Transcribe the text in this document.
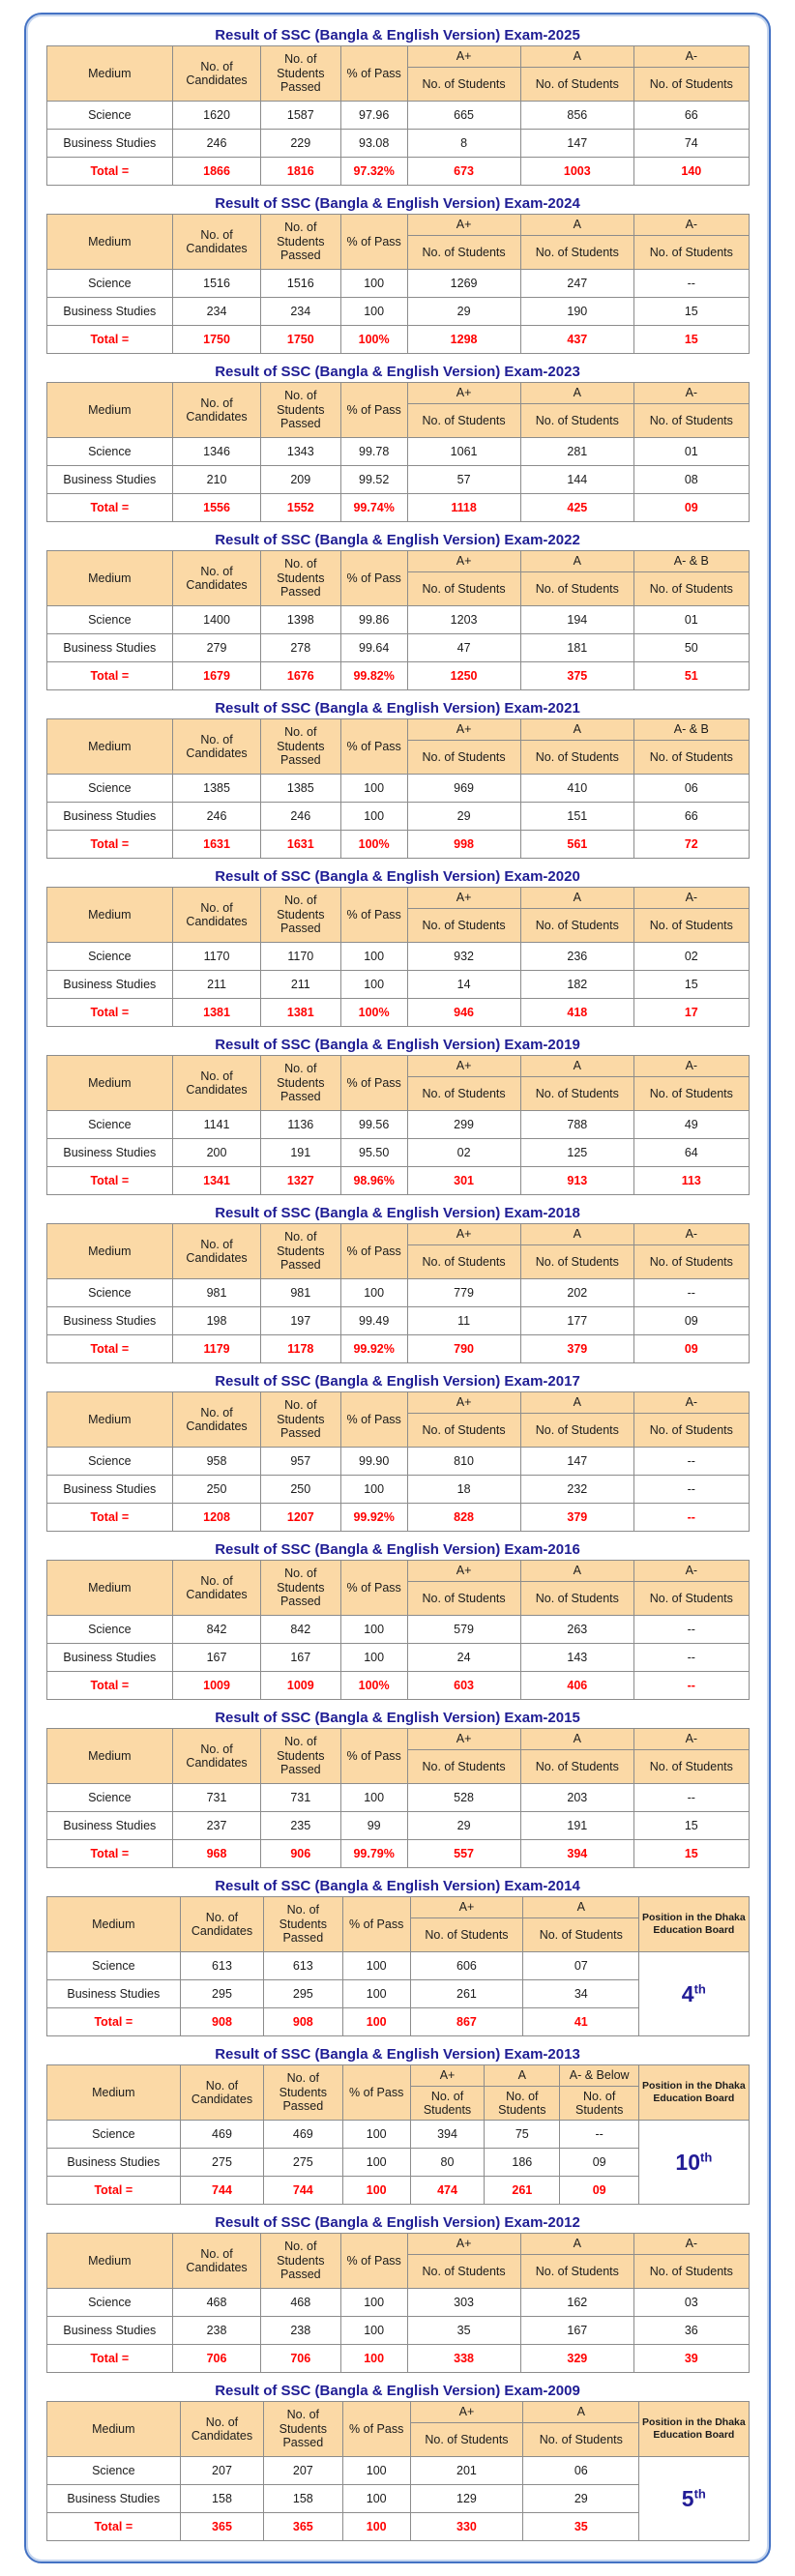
Result of SSC (Bangla & English Version) Exam-2025
Medium	No. of Candidates	No. of Students Passed	% of Pass	A+	A	A-
				No. of Students	No. of Students	No. of Students
Science	1620	1587	97.96	665	856	66
Business Studies	246	229	93.08	8	147	74
Total =	1866	1816	97.32%	673	1003	140
Result of SSC (Bangla & English Version) Exam-2024
Medium	No. of Candidates	No. of Students Passed	% of Pass	A+	A	A-
				No. of Students	No. of Students	No. of Students
Science	1516	1516	100	1269	247	--
Business Studies	234	234	100	29	190	15
Total =	1750	1750	100%	1298	437	15
Result of SSC (Bangla & English Version) Exam-2023
Medium	No. of Candidates	No. of Students Passed	% of Pass	A+	A	A-
				No. of Students	No. of Students	No. of Students
Science	1346	1343	99.78	1061	281	01
Business Studies	210	209	99.52	57	144	08
Total =	1556	1552	99.74%	1118	425	09
Result of SSC (Bangla & English Version) Exam-2022
Medium	No. of Candidates	No. of Students Passed	% of Pass	A+	A	A- & B
				No. of Students	No. of Students	No. of Students
Science	1400	1398	99.86	1203	194	01
Business Studies	279	278	99.64	47	181	50
Total =	1679	1676	99.82%	1250	375	51
Result of SSC (Bangla & English Version) Exam-2021
Medium	No. of Candidates	No. of Students Passed	% of Pass	A+	A	A- & B
				No. of Students	No. of Students	No. of Students
Science	1385	1385	100	969	410	06
Business Studies	246	246	100	29	151	66
Total =	1631	1631	100%	998	561	72
Result of SSC (Bangla & English Version) Exam-2020
Medium	No. of Candidates	No. of Students Passed	% of Pass	A+	A	A-
				No. of Students	No. of Students	No. of Students
Science	1170	1170	100	932	236	02
Business Studies	211	211	100	14	182	15
Total =	1381	1381	100%	946	418	17
Result of SSC (Bangla & English Version) Exam-2019
Medium	No. of Candidates	No. of Students Passed	% of Pass	A+	A	A-
				No. of Students	No. of Students	No. of Students
Science	1141	1136	99.56	299	788	49
Business Studies	200	191	95.50	02	125	64
Total =	1341	1327	98.96%	301	913	113
Result of SSC (Bangla & English Version) Exam-2018
Medium	No. of Candidates	No. of Students Passed	% of Pass	A+	A	A-
				No. of Students	No. of Students	No. of Students
Science	981	981	100	779	202	--
Business Studies	198	197	99.49	11	177	09
Total =	1179	1178	99.92%	790	379	09
Result of SSC (Bangla & English Version) Exam-2017
Medium	No. of Candidates	No. of Students Passed	% of Pass	A+	A	A-
				No. of Students	No. of Students	No. of Students
Science	958	957	99.90	810	147	--
Business Studies	250	250	100	18	232	--
Total =	1208	1207	99.92%	828	379	--
Result of SSC (Bangla & English Version) Exam-2016
Medium	No. of Candidates	No. of Students Passed	% of Pass	A+	A	A-
				No. of Students	No. of Students	No. of Students
Science	842	842	100	579	263	--
Business Studies	167	167	100	24	143	--
Total =	1009	1009	100%	603	406	--
Result of SSC (Bangla & English Version) Exam-2015
Medium	No. of Candidates	No. of Students Passed	% of Pass	A+	A	A-
				No. of Students	No. of Students	No. of Students
Science	731	731	100	528	203	--
Business Studies	237	235	99	29	191	15
Total =	968	906	99.79%	557	394	15
Result of SSC (Bangla & English Version) Exam-2014
Medium	No. of Candidates	No. of Students Passed	% of Pass	A+	A	Position in the Dhaka Education Board
				No. of Students	No. of Students	
Science	613	613	100	606	07	4th
Business Studies	295	295	100	261	34	
Total =	908	908	100	867	41	
Result of SSC (Bangla & English Version) Exam-2013
Medium	No. of Candidates	No. of Students Passed	% of Pass	A+	A	A- & Below	Position in the Dhaka Education Board
				No. of Students	No. of Students	No. of Students	
Science	469	469	100	394	75	--	10th
Business Studies	275	275	100	80	186	09	
Total =	744	744	100	474	261	09	
Result of SSC (Bangla & English Version) Exam-2012
Medium	No. of Candidates	No. of Students Passed	% of Pass	A+	A	A-
				No. of Students	No. of Students	No. of Students
Science	468	468	100	303	162	03
Business Studies	238	238	100	35	167	36
Total =	706	706	100	338	329	39
Result of SSC (Bangla & English Version) Exam-2009
Medium	No. of Candidates	No. of Students Passed	% of Pass	A+	A	Position in the Dhaka Education Board
				No. of Students	No. of Students	
Science	207	207	100	201	06	5th
Business Studies	158	158	100	129	29	
Total =	365	365	100	330	35	
